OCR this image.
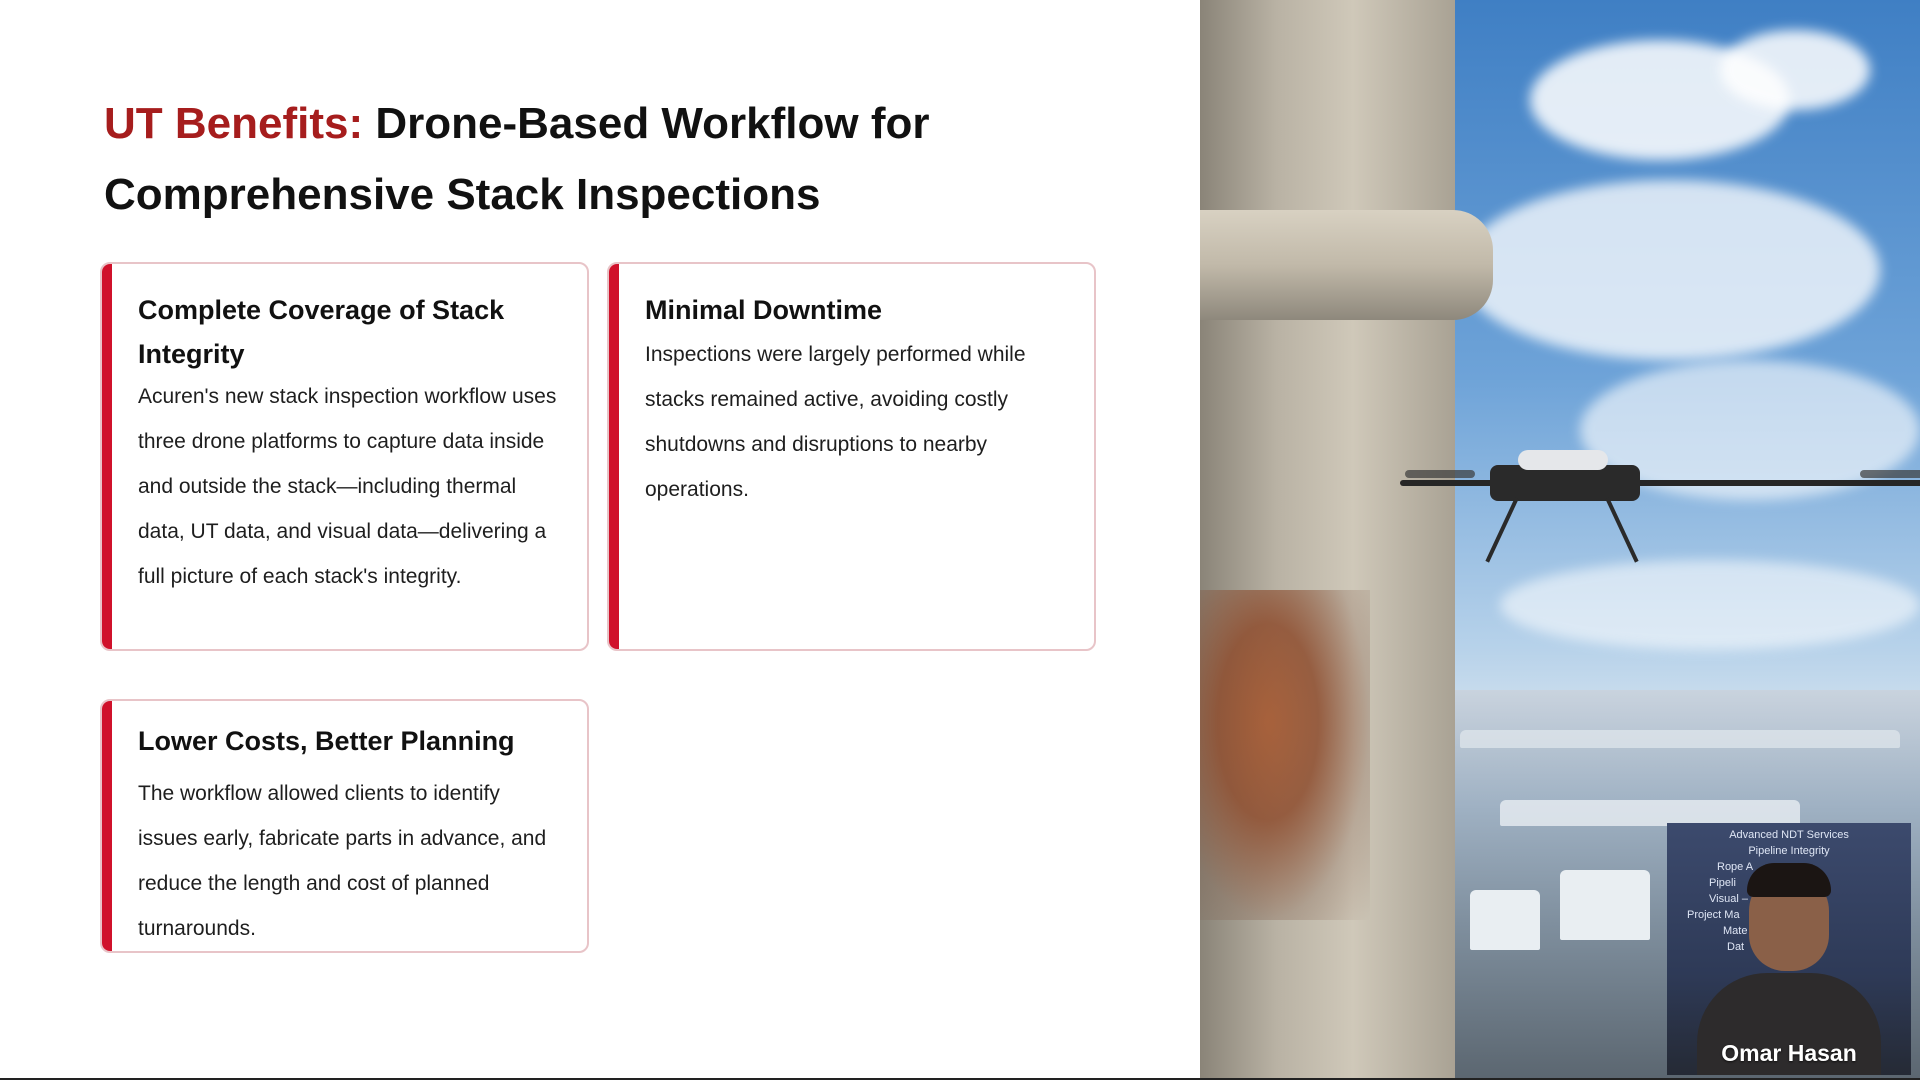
UT Benefits: Drone-Based Workflow for Comprehensive Stack Inspections
Complete Coverage of Stack Integrity

Acuren's new stack inspection workflow uses three drone platforms to capture data inside and outside the stack—including thermal data, UT data, and visual data—delivering a full picture of each stack's integrity.

Minimal Downtime

Inspections were largely performed while stacks remained active, avoiding costly shutdowns and disruptions to nearby operations.

Lower Costs, Better Planning

The workflow allowed clients to identify issues early, fabricate parts in advance, and reduce the length and cost of planned turnarounds.

Advanced NDT Services
Pipeline Integrity
Rope A
Pipeli
Visual –
Project Ma
Mate
Dat
Omar Hasan
